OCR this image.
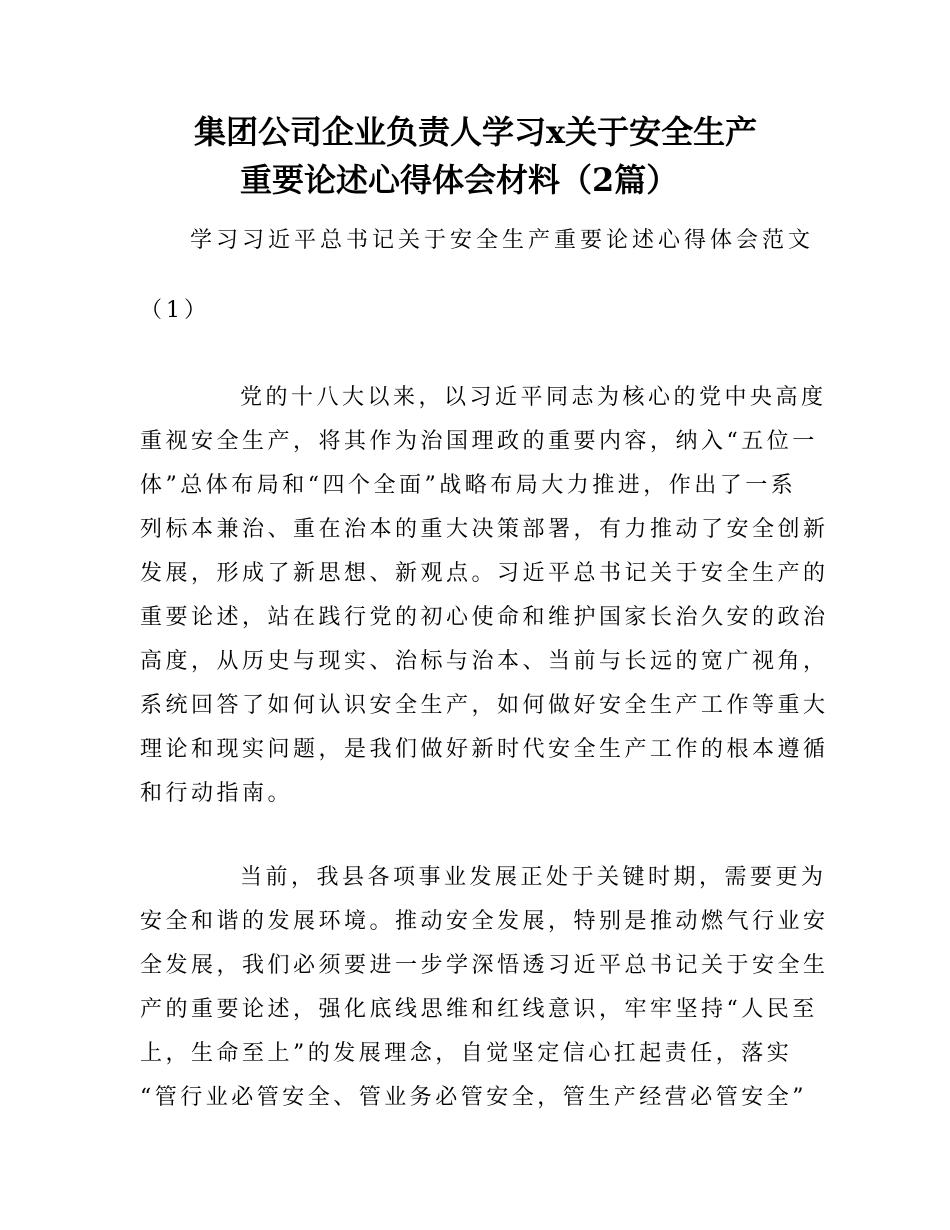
集团公司企业负责人学习x关于安全生产
重要论述心得体会材料（2篇）
学习习近平总书记关于安全生产重要论述心得体会范文
（1）
党的十八大以来，以习近平同志为核心的党中央高度
重视安全生产，将其作为治国理政的重要内容，纳入“五位一
体”总体布局和“四个全面”战略布局大力推进，作出了一系
列标本兼治、重在治本的重大决策部署，有力推动了安全创新
发展，形成了新思想、新观点。习近平总书记关于安全生产的
重要论述，站在践行党的初心使命和维护国家长治久安的政治
高度，从历史与现实、治标与治本、当前与长远的宽广视角，
系统回答了如何认识安全生产，如何做好安全生产工作等重大
理论和现实问题，是我们做好新时代安全生产工作的根本遵循
和行动指南。
当前，我县各项事业发展正处于关键时期，需要更为
安全和谐的发展环境。推动安全发展，特别是推动燃气行业安
全发展，我们必须要进一步学深悟透习近平总书记关于安全生
产的重要论述，强化底线思维和红线意识，牢牢坚持“人民至
上，生命至上”的发展理念，自觉坚定信心扛起责任，落实
“管行业必管安全、管业务必管安全，管生产经营必管安全”
